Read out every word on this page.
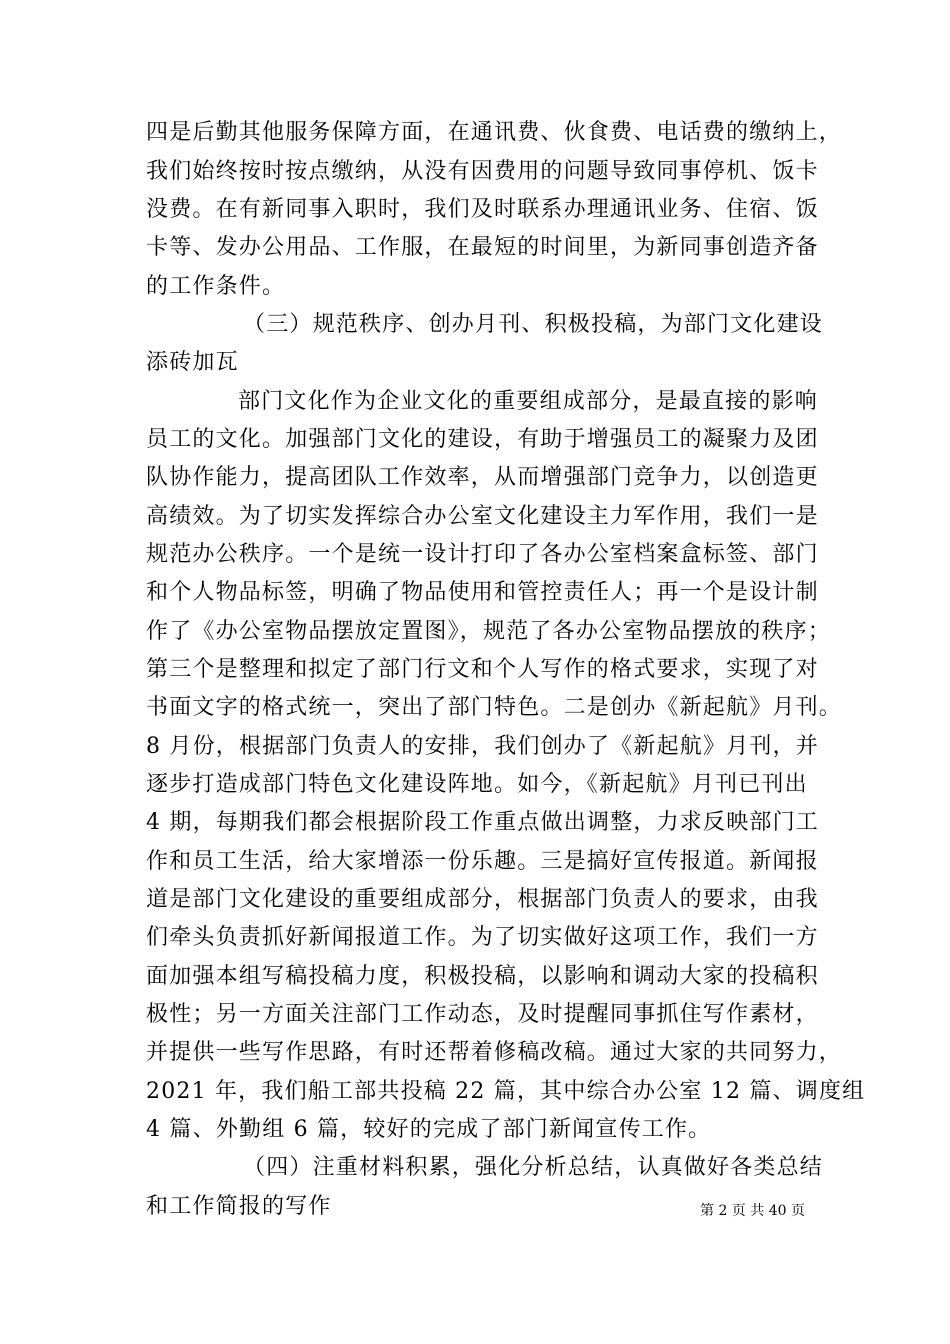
四是后勤其他服务保障方面，在通讯费、伙食费、电话费的缴纳上，
我们始终按时按点缴纳，从没有因费用的问题导致同事停机、饭卡
没费。在有新同事入职时，我们及时联系办理通讯业务、住宿、饭
卡等、发办公用品、工作服，在最短的时间里，为新同事创造齐备
的工作条件。
（三）规范秩序、创办月刊、积极投稿，为部门文化建设
添砖加瓦
部门文化作为企业文化的重要组成部分，是最直接的影响
员工的文化。加强部门文化的建设，有助于增强员工的凝聚力及团
队协作能力，提高团队工作效率，从而增强部门竞争力，以创造更
高绩效。为了切实发挥综合办公室文化建设主力军作用，我们一是
规范办公秩序。一个是统一设计打印了各办公室档案盒标签、部门
和个人物品标签，明确了物品使用和管控责任人；再一个是设计制
作了《办公室物品摆放定置图》，规范了各办公室物品摆放的秩序；
第三个是整理和拟定了部门行文和个人写作的格式要求，实现了对
书面文字的格式统一，突出了部门特色。二是创办《新起航》月刊。
8 月份，根据部门负责人的安排，我们创办了《新起航》月刊，并
逐步打造成部门特色文化建设阵地。如今，《新起航》月刊已刊出
4 期，每期我们都会根据阶段工作重点做出调整，力求反映部门工
作和员工生活，给大家增添一份乐趣。三是搞好宣传报道。新闻报
道是部门文化建设的重要组成部分，根据部门负责人的要求，由我
们牵头负责抓好新闻报道工作。为了切实做好这项工作，我们一方
面加强本组写稿投稿力度，积极投稿，以影响和调动大家的投稿积
极性；另一方面关注部门工作动态，及时提醒同事抓住写作素材，
并提供一些写作思路，有时还帮着修稿改稿。通过大家的共同努力，
2021 年，我们船工部共投稿 22 篇，其中综合办公室 12 篇、调度组
4 篇、外勤组 6 篇，较好的完成了部门新闻宣传工作。
（四）注重材料积累，强化分析总结，认真做好各类总结
和工作简报的写作	第 2 页 共 40 页
